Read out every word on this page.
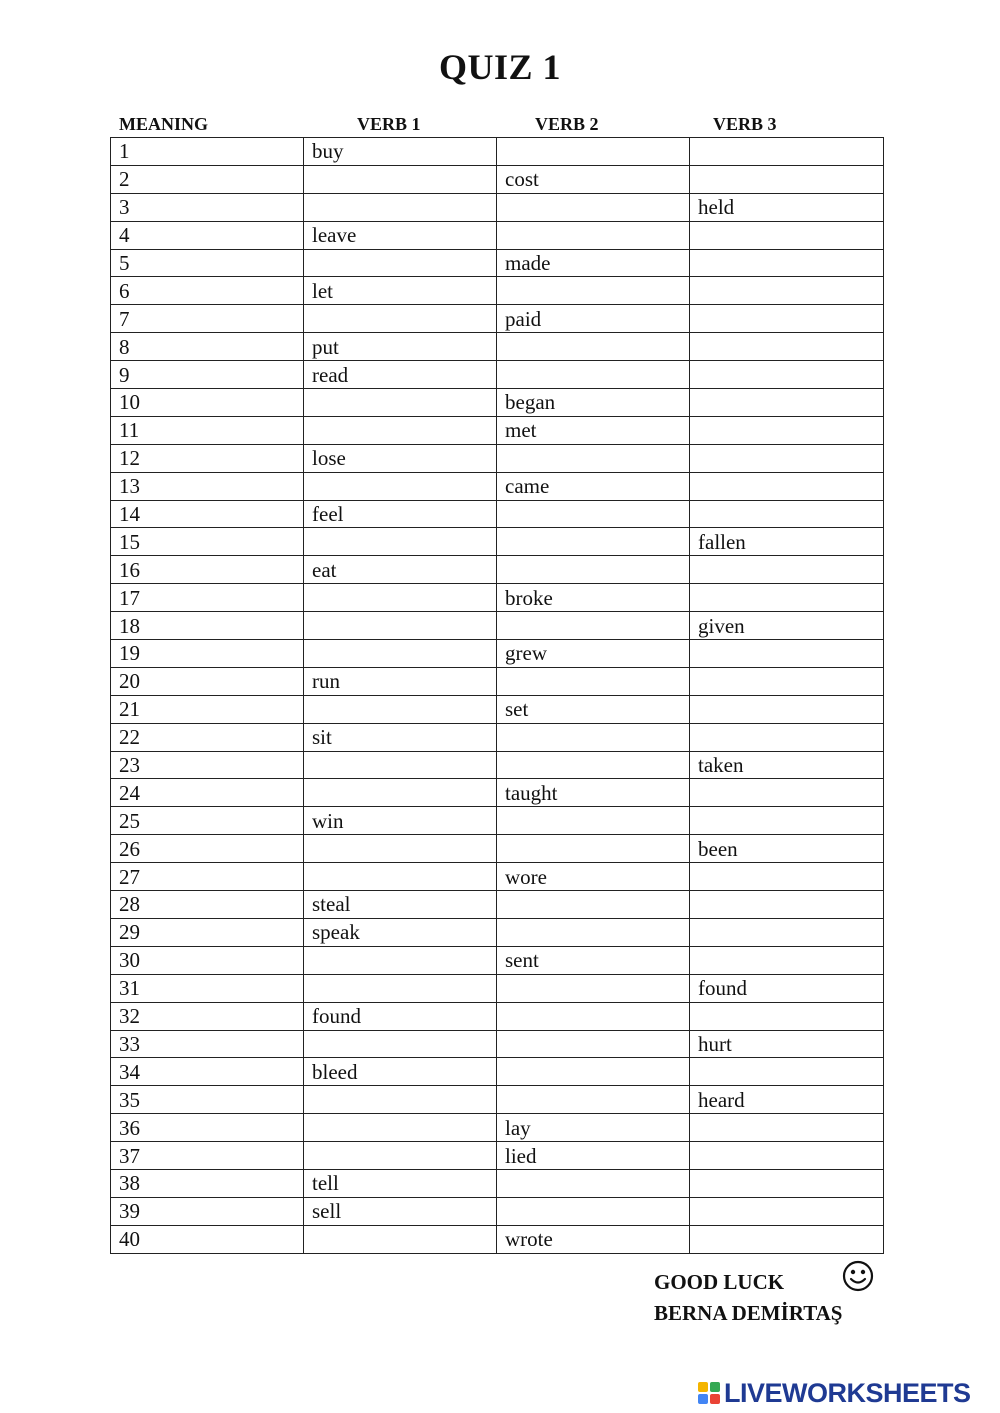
QUIZ 1
MEANING	VERB 1	VERB 2	VERB 3
1	buy		
2		cost	
3			held
4	leave		
5		made	
6	let		
7		paid	
8	put		
9	read		
10		began	
11		met	
12	lose		
13		came	
14	feel		
15			fallen
16	eat		
17		broke	
18			given
19		grew	
20	run		
21		set	
22	sit		
23			taken
24		taught	
25	win		
26			been
27		wore	
28	steal		
29	speak		
30		sent	
31			found
32	found		
33			hurt
34	bleed		
35			heard
36		lay	
37		lied	
38	tell		
39	sell		
40		wrote	
GOOD LUCK
BERNA DEMİRTAŞ
LIVEWORKSHEETS
